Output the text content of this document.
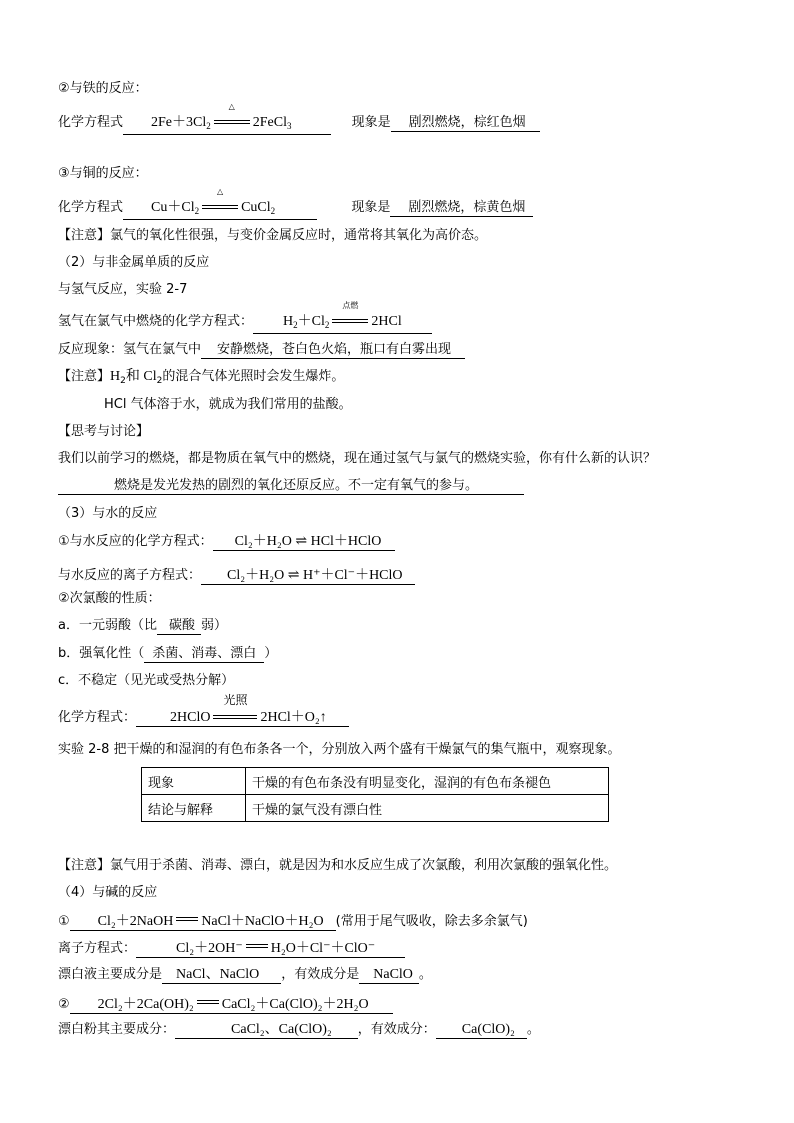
②与铁的反应：
化学方程式 $2Fe+3Cl_2$
△
2FeCl$_3$	现象是 剧烈燃烧，棕红色烟
③与铜的反应：
化学方程式 $Cu+Cl_2$
△
CuCl$_2$	现象是 剧烈燃烧，棕黄色烟
【注意】氯气的氧化性很强，与变价金属反应时，通常将其氧化为高价态。
（2）与非金属单质的反应
与氢气反应，实验 2-7
氢气在氯气中燃烧的化学方程式： $H_2+Cl_2$
点燃
2HCl
反应现象：氢气在氯气中 安静燃烧，苍白色火焰，瓶口有白雾出现
【注意】$H_2$和 $Cl_2$的混合气体光照时会发生爆炸。
HCl 气体溶于水，就成为我们常用的盐酸。
【思考与讨论】
我们以前学习的燃烧，都是物质在氧气中的燃烧，现在通过氢气与氯气的燃烧实验，你有什么新的认识？
燃烧是发光发热的剧烈的氧化还原反应。不一定有氧气的参与。
（3）与水的反应
①与水反应的化学方程式： Cl₂＋H₂O ⇌ HCl＋HClO
与水反应的离子方程式： Cl₂＋H₂O ⇌ H⁺＋Cl⁻＋HClO
②次氯酸的性质：
a．一元弱酸（比 碳酸 弱）
b．强氧化性（ 杀菌、消毒、漂白 ）
c．不稳定（见光或受热分解）
化学方程式： 2HClO
光照
2HCl＋O₂↑
实验 2-8 把干燥的和湿润的有色布条各一个，分别放入两个盛有干燥氯气的集气瓶中，观察现象。
现象	干燥的有色布条没有明显变化，湿润的有色布条褪色
结论与解释	干燥的氯气没有漂白性
【注意】氯气用于杀菌、消毒、漂白，就是因为和水反应生成了次氯酸，利用次氯酸的强氧化性。
（4）与碱的反应
① Cl₂＋2NaOH NaCl＋NaClO＋H₂O (常用于尾气吸收，除去多余氯气)
离子方程式：	Cl₂＋2OH⁻ H₂O＋Cl⁻＋ClO⁻
漂白液主要成分是 NaCl、NaClO ，有效成分是 NaClO 。
② 2Cl₂＋2Ca(OH)₂ CaCl₂＋Ca(ClO)₂＋2H₂O
漂白粉其主要成分：	CaCl₂、Ca(ClO)₂ ，有效成分： Ca(ClO)₂ 。
